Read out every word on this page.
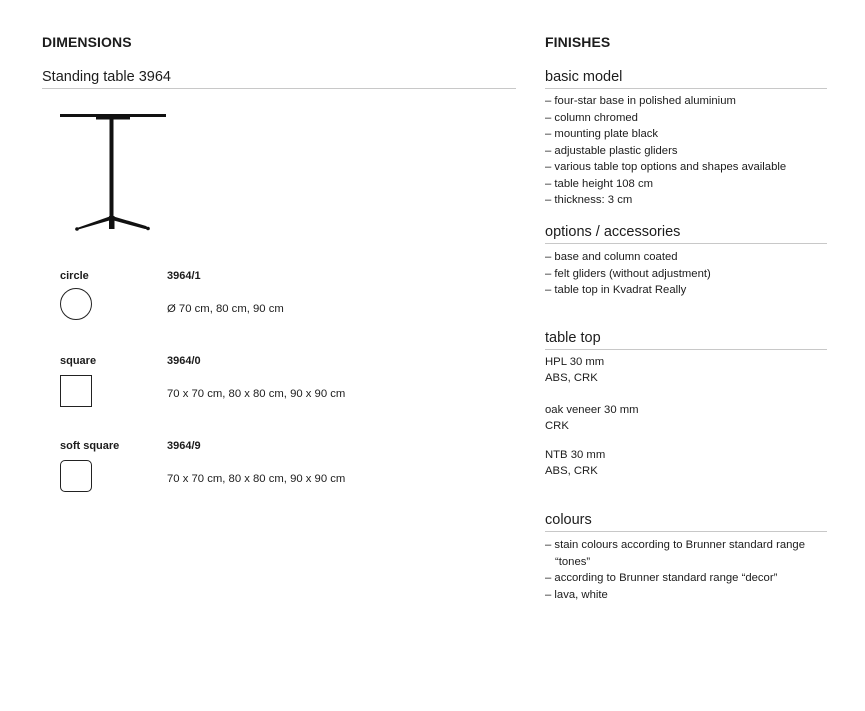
DIMENSIONS
Standing table 3964
circle	3964/1
Ø 70 cm, 80 cm, 90 cm
square	3964/0
70 x 70 cm, 80 x 80 cm, 90 x 90 cm
soft square	3964/9
70 x 70 cm, 80 x 80 cm, 90 x 90 cm
FINISHES
basic model
– four-star base in polished aluminium
– column chromed
– mounting plate black
– adjustable plastic gliders
– various table top options and shapes available
– table height 108 cm
– thickness: 3 cm
options / accessories
– base and column coated
– felt gliders (without adjustment)
– table top in Kvadrat Really
table top
HPL 30 mm
ABS, CRK
oak veneer 30 mm
CRK
NTB 30 mm
ABS, CRK
colours
– stain colours according to Brunner standard range “tones”
– according to Brunner standard range “decor”
– lava, white
